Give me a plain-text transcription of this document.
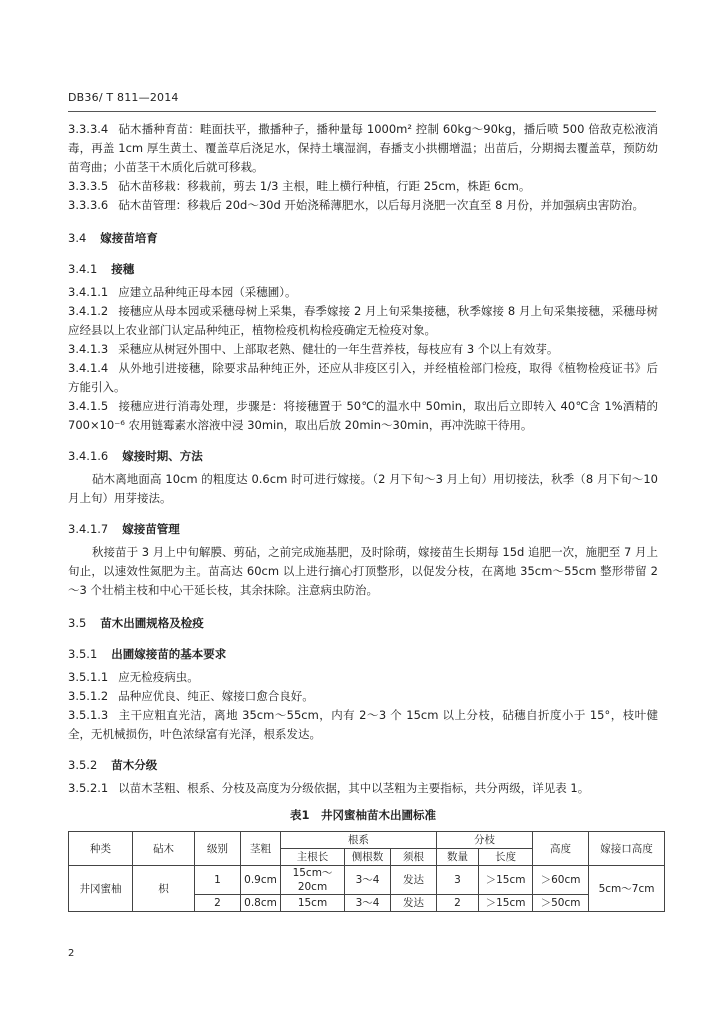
DB36/ T 811—2014

3.3.3.4 砧木播种育苗：畦面扶平，撒播种子，播种量每 1000m² 控制 60kg～90kg，播后喷 500 倍敌克松液消毒，再盖 1cm 厚生黄土、覆盖草后浇足水，保持土壤湿润，春播支小拱棚增温；出苗后，分期揭去覆盖草，预防幼苗弯曲；小苗茎干木质化后就可移栽。

3.3.3.5 砧木苗移栽：移栽前，剪去 1/3 主根，畦上横行种植，行距 25cm，株距 6cm。

3.3.3.6 砧木苗管理：移栽后 20d～30d 开始浇稀薄肥水，以后每月浇肥一次直至 8 月份，并加强病虫害防治。

3.4 嫁接苗培育
3.4.1 接穗

3.4.1.1 应建立品种纯正母本园（采穗圃）。

3.4.1.2 接穗应从母本园或采穗母树上采集，春季嫁接 2 月上旬采集接穗，秋季嫁接 8 月上旬采集接穗，采穗母树应经县以上农业部门认定品种纯正，植物检疫机构检疫确定无检疫对象。

3.4.1.3 采穗应从树冠外围中、上部取老熟、健壮的一年生营养枝，每枝应有 3 个以上有效芽。

3.4.1.4 从外地引进接穗，除要求品种纯正外，还应从非疫区引入，并经植检部门检疫，取得《植物检疫证书》后方能引入。

3.4.1.5 接穗应进行消毒处理，步骤是：将接穗置于 50℃的温水中 50min，取出后立即转入 40℃含 1%酒精的 700×10⁻⁶ 农用链霉素水溶液中浸 30min，取出后放 20min～30min，再冲洗晾干待用。

3.4.1.6 嫁接时期、方法

砧木离地面高 10cm 的粗度达 0.6cm 时可进行嫁接。（2 月下旬～3 月上旬）用切接法，秋季（8 月下旬～10 月上旬）用芽接法。

3.4.1.7 嫁接苗管理

秋接苗于 3 月上中旬解膜、剪砧，之前完成施基肥，及时除萌，嫁接苗生长期每 15d 追肥一次，施肥至 7 月上旬止，以速效性氮肥为主。苗高达 60cm 以上进行摘心打顶整形，以促发分枝，在离地 35cm～55cm 整形带留 2～3 个壮梢主枝和中心干延长枝，其余抹除。注意病虫防治。

3.5 苗木出圃规格及检疫
3.5.1 出圃嫁接苗的基本要求

3.5.1.1 应无检疫病虫。

3.5.1.2 品种应优良、纯正、嫁接口愈合良好。

3.5.1.3 主干应粗直光洁，离地 35cm～55cm，内有 2～3 个 15cm 以上分枝，砧穗自折度小于 15°，枝叶健全，无机械损伤，叶色浓绿富有光泽，根系发达。

3.5.2 苗木分级

3.5.2.1 以苗木茎粗、根系、分枝及高度为分级依据，其中以茎粗为主要指标，共分两级，详见表 1。

表1　井冈蜜柚苗木出圃标准
种类	砧木	级别	茎粗	根系			分枝		高度	嫁接口高度
				主根长	侧根数	须根	数量	长度		
井冈蜜柚	枳	1	0.9cm	15cm～20cm	3～4	发达	3	＞15cm	＞60cm	5cm～7cm
		2	0.8cm	15cm	3～4	发达	2	＞15cm	＞50cm	
2
